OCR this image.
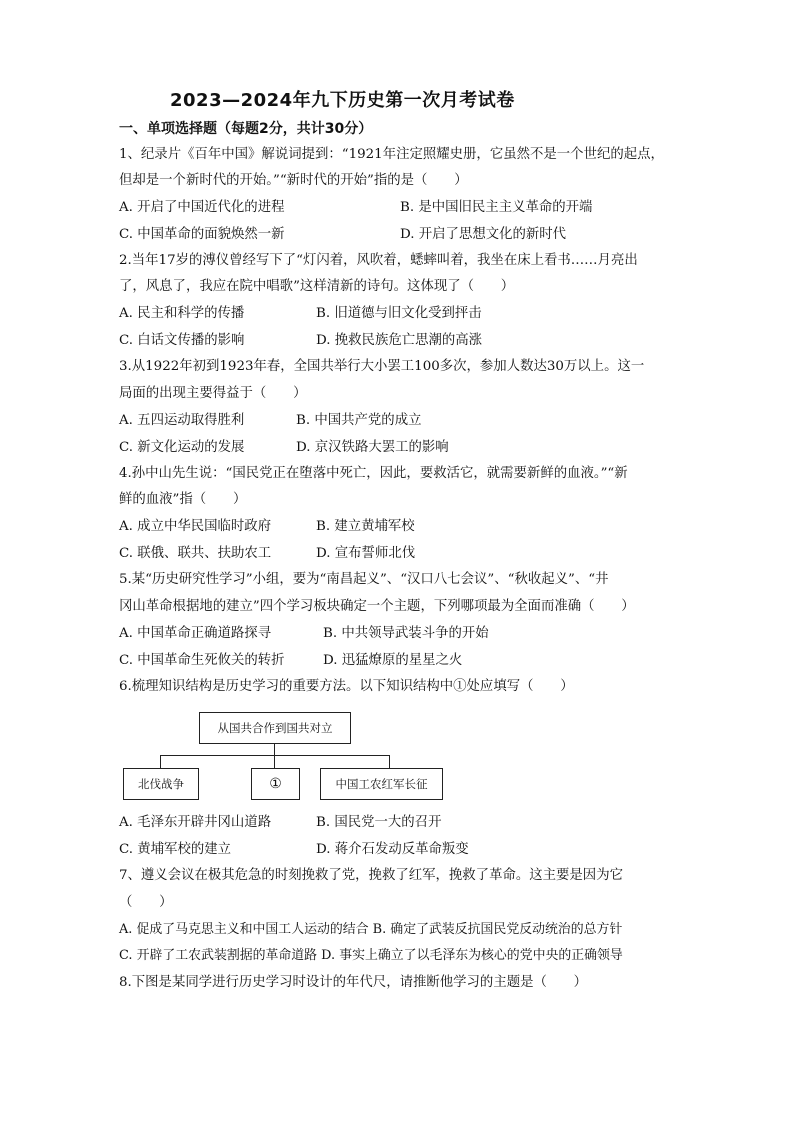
2023—2024年九下历史第一次月考试卷
一、单项选择题（每题2分，共计30分）
1、纪录片《百年中国》解说词提到：“1921年注定照耀史册，它虽然不是一个世纪的起点，
但却是一个新时代的开始。”“新时代的开始”指的是（　　）
A. 开启了中国近代化的进程	B. 是中国旧民主主义革命的开端
C. 中国革命的面貌焕然一新	D. 开启了思想文化的新时代
2.当年17岁的溥仪曾经写下了“灯闪着，风吹着，蟋蟀叫着，我坐在床上看书……月亮出
了，风息了，我应在院中唱歌”这样清新的诗句。这体现了（　　）
A. 民主和科学的传播	B. 旧道德与旧文化受到抨击
C. 白话文传播的影响	D. 挽救民族危亡思潮的高涨
3.从1922年初到1923年春，全国共举行大小罢工100多次，参加人数达30万以上。这一
局面的出现主要得益于（　　）
A. 五四运动取得胜利	B. 中国共产党的成立
C. 新文化运动的发展	D. 京汉铁路大罢工的影响
4.孙中山先生说：“国民党正在堕落中死亡，因此，要救活它，就需要新鲜的血液。”“新
鲜的血液”指（　　）
A. 成立中华民国临时政府	B. 建立黄埔军校
C. 联俄、联共、扶助农工	D. 宣布誓师北伐
5.某“历史研究性学习”小组，要为“南昌起义”、“汉口八七会议”、“秋收起义”、“井
冈山革命根据地的建立”四个学习板块确定一个主题，下列哪项最为全面而准确（　　）
A. 中国革命正确道路探寻	B. 中共领导武装斗争的开始
C. 中国革命生死攸关的转折	D. 迅猛燎原的星星之火
6.梳理知识结构是历史学习的重要方法。以下知识结构中①处应填写（　　）
从国共合作到国共对立
北伐战争	①	中国工农红军长征
A. 毛泽东开辟井冈山道路	B. 国民党一大的召开
C. 黄埔军校的建立	D. 蒋介石发动反革命叛变
7、遵义会议在极其危急的时刻挽救了党，挽救了红军，挽救了革命。这主要是因为它
（　　）
A. 促成了马克思主义和中国工人运动的结合 B. 确定了武装反抗国民党反动统治的总方针
C. 开辟了工农武装割据的革命道路 D. 事实上确立了以毛泽东为核心的党中央的正确领导
8.下图是某同学进行历史学习时设计的年代尺，请推断他学习的主题是（　　）
